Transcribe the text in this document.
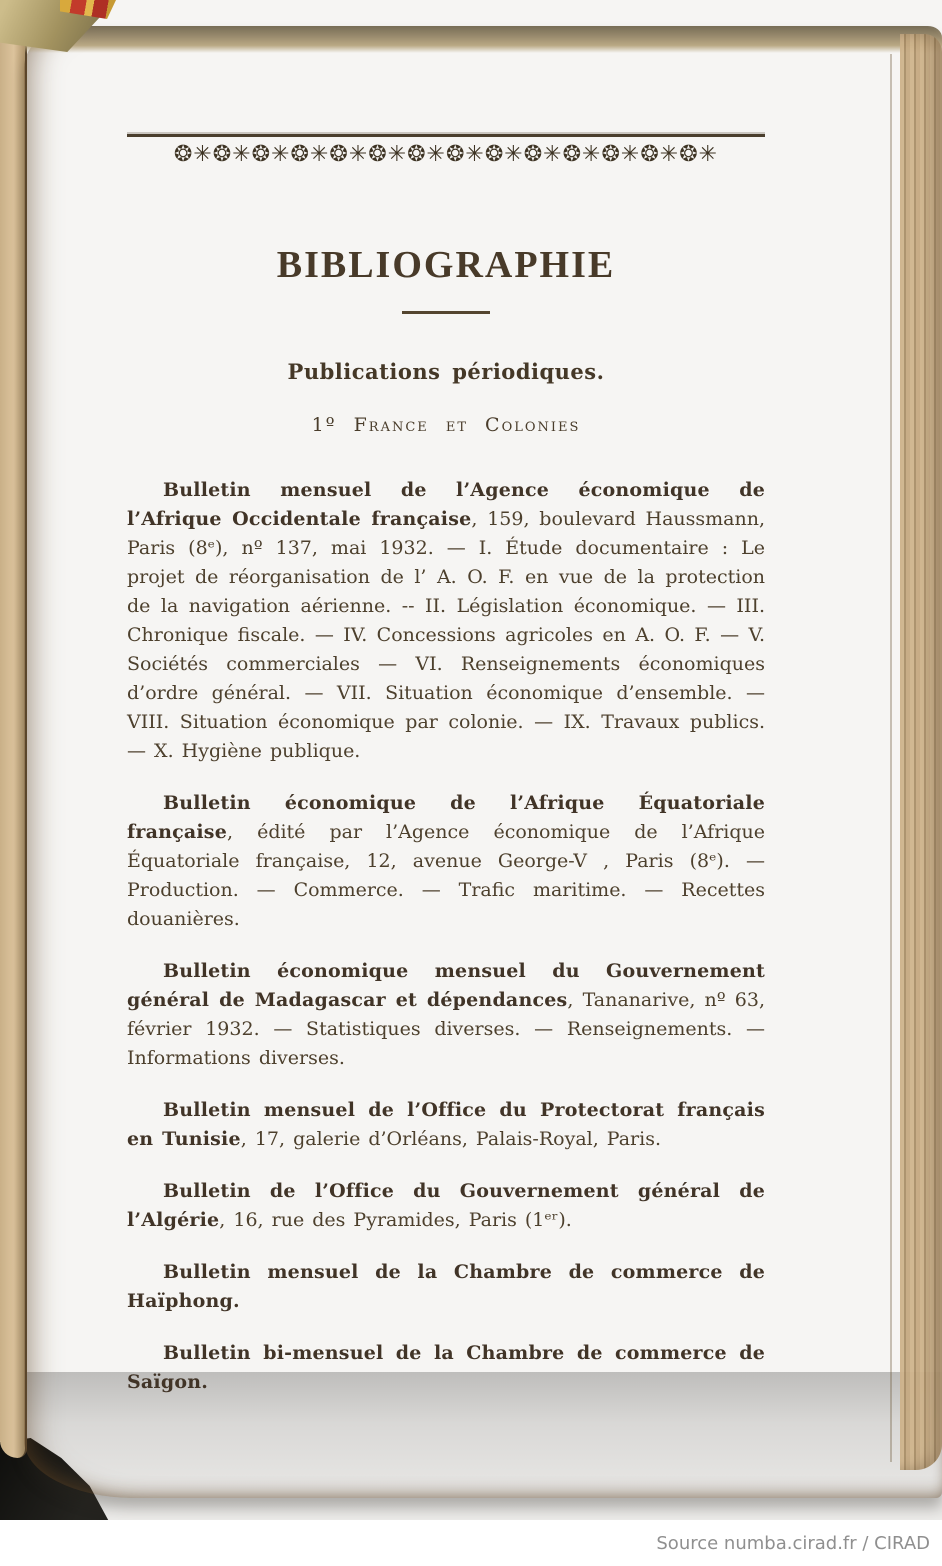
❂✳❂✳❂✳❂✳❂✳❂✳❂✳❂✳❂✳❂✳❂✳❂✳❂✳❂✳
BIBLIOGRAPHIE
Publications périodiques.
1º France et Colonies

Bulletin mensuel de l’Agence économique de l’Afrique Occidentale française, 159, boulevard Haussmann, Paris (8ᵉ), nº 137, mai 1932. — I. Étude documentaire : Le projet de réorganisation de l’ A. O. F. en vue de la protection de la navigation aérienne. -- II. Législation économique. — III. Chronique fiscale. — IV. Concessions agricoles en A. O. F. — V. Sociétés commerciales — VI. Renseignements économiques d’ordre général. — VII. Situation économique d’ensemble. — VIII. Situation économique par colonie. — IX. Travaux publics. — X. Hygiène publique.

Bulletin économique de l’Afrique Équatoriale française, édité par l’Agence économique de l’Afrique Équatoriale française, 12, avenue George-V , Paris (8ᵉ). — Production. — Commerce. — Trafic maritime. — Recettes douanières.

Bulletin économique mensuel du Gouvernement général de Madagascar et dépendances, Tananarive, nº 63, février 1932. — Statistiques diverses. — Renseignements. — Informations diverses.

Bulletin mensuel de l’Office du Protectorat français en Tunisie, 17, galerie d’Orléans, Palais-Royal, Paris.

Bulletin de l’Office du Gouvernement général de l’Algérie, 16, rue des Pyramides, Paris (1ᵉʳ).

Bulletin mensuel de la Chambre de commerce de Haïphong.

Bulletin bi-mensuel de la Chambre de commerce de Saïgon.

Source numba.cirad.fr / CIRAD
